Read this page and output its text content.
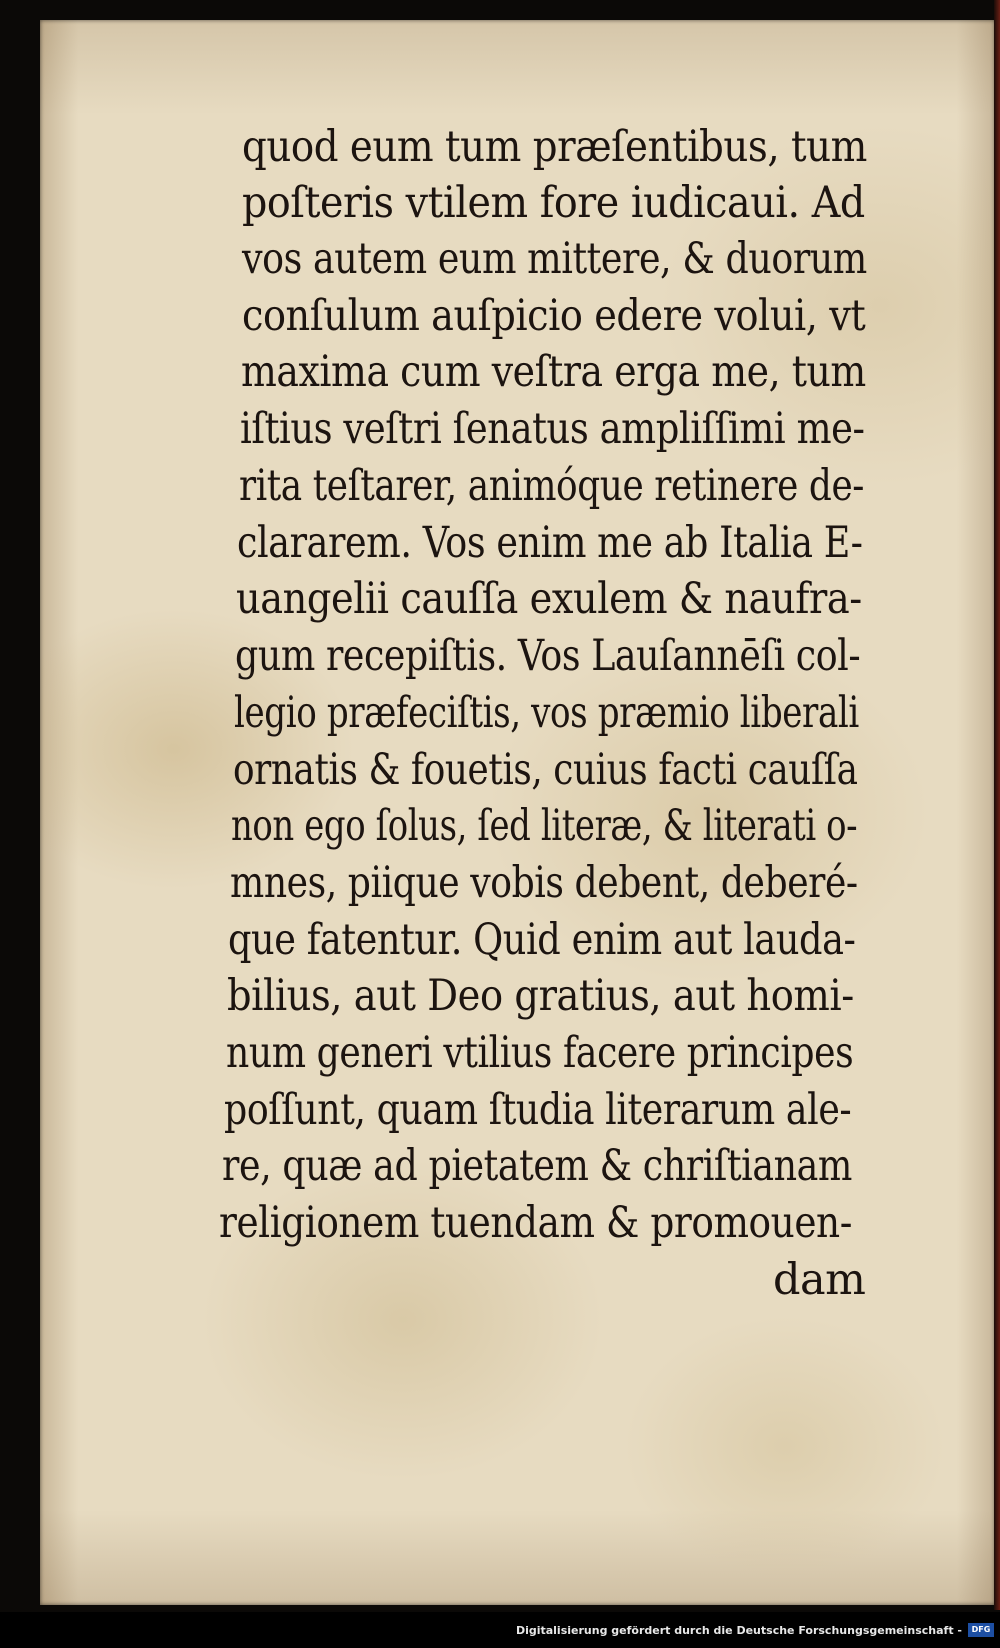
quod eum tum præſentibus, tum
poſteris vtilem fore iudicaui. Ad
vos autem eum mittere, & duorum
conſulum auſpicio edere volui, vt
maxima cum veſtra erga me, tum
iſtius veſtri ſenatus ampliſſimi me-
rita teſtarer, animóque retinere de-
clararem. Vos enim me ab Italia E-
uangelii cauſſa exulem & naufra-
gum recepiſtis. Vos Lauſannēſi col-
legio præfeciſtis, vos præmio liberali
ornatis & fouetis, cuius facti cauſſa
non ego ſolus, ſed literæ, & literati o-
mnes, piique vobis debent, deberé-
que fatentur. Quid enim aut lauda-
bilius, aut Deo gratius, aut homi-
num generi vtilius facere principes
poſſunt, quam ſtudia literarum ale-
re, quæ ad pietatem & chriſtianam
religionem tuendam & promouen-
dam
Digitalisierung gefördert durch die Deutsche Forschungsgemeinschaft -	DFG
